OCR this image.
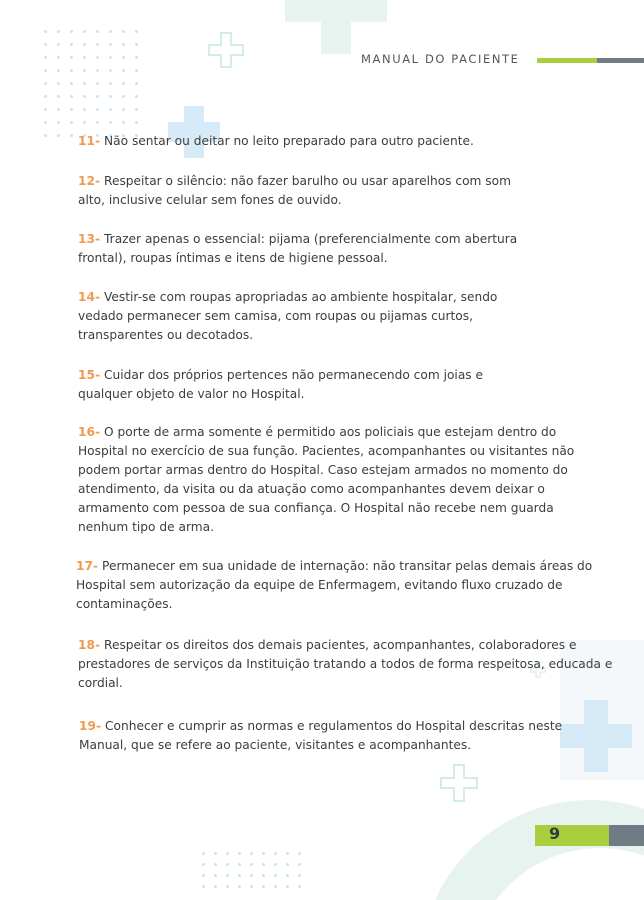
MANUAL DO PACIENTE
11- Não sentar ou deitar no leito preparado para outro paciente.
12- Respeitar o silêncio: não fazer barulho ou usar aparelhos com som alto, inclusive celular sem fones de ouvido.
13- Trazer apenas o essencial: pijama (preferencialmente com abertura frontal), roupas íntimas e itens de higiene pessoal.
14- Vestir-se com roupas apropriadas ao ambiente hospitalar, sendo vedado permanecer sem camisa, com roupas ou pijamas curtos, transparentes ou decotados.
15- Cuidar dos próprios pertences não permanecendo com joias e qualquer objeto de valor no Hospital.
16- O porte de arma somente é permitido aos policiais que estejam dentro do Hospital no exercício de sua função. Pacientes, acompanhantes ou visitantes não podem portar armas dentro do Hospital. Caso estejam armados no momento do atendimento, da visita ou da atuação como acompanhantes devem deixar o armamento com pessoa de sua confiança. O Hospital não recebe nem guarda nenhum tipo de arma.
17- Permanecer em sua unidade de internação: não transitar pelas demais áreas do Hospital sem autorização da equipe de Enfermagem, evitando fluxo cruzado de contaminações.
18- Respeitar os direitos dos demais pacientes, acompanhantes, colaboradores e prestadores de serviços da Instituição tratando a todos de forma respeitosa, educada e cordial.
19- Conhecer e cumprir as normas e regulamentos do Hospital descritas neste Manual, que se refere ao paciente, visitantes e acompanhantes.
9
